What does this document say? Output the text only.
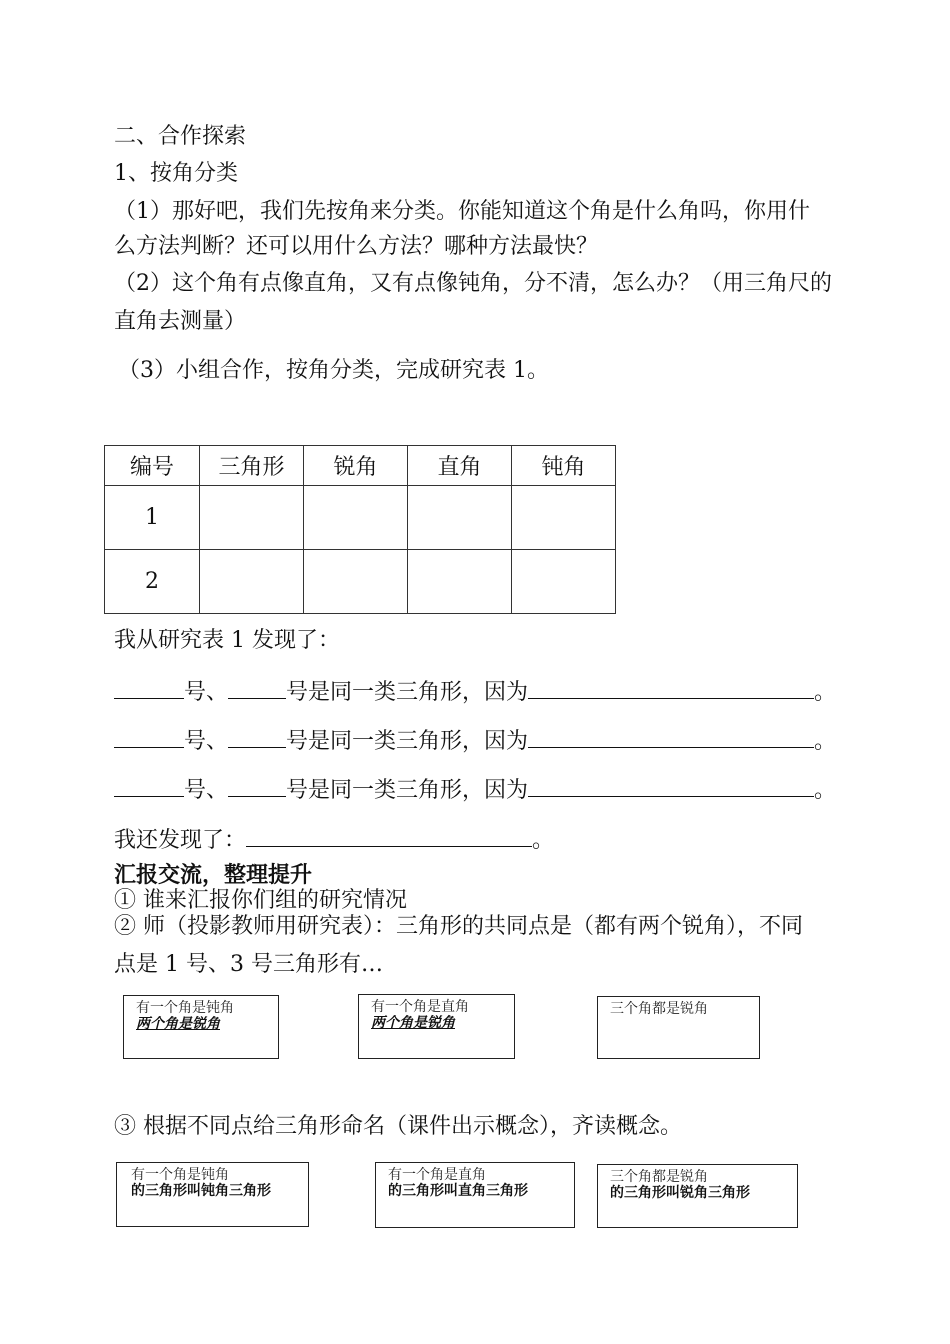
二、合作探索
1、按角分类
（1）那好吧，我们先按角来分类。你能知道这个角是什么角吗，你用什
么方法判断？还可以用什么方法？哪种方法最快？
（2）这个角有点像直角，又有点像钝角，分不清，怎么办？（用三角尺的
直角去测量）
（3）小组合作，按角分类，完成研究表 1。
编号	三角形	锐角	直角	钝角
1				
2				
我从研究表 1 发现了：
号、	号是同一类三角形，因为	。
号、	号是同一类三角形，因为	。
号、	号是同一类三角形，因为	。
我还发现了：	。
汇报交流，整理提升
① 谁来汇报你们组的研究情况
② 师（投影教师用研究表）：三角形的共同点是（都有两个锐角），不同
点是 1 号、3 号三角形有…
有一个角是钝角
两个角是锐角
有一个角是直角
两个角是锐角
三个角都是锐角
③ 根据不同点给三角形命名（课件出示概念），齐读概念。
有一个角是钝角
的三角形叫钝角三角形
有一个角是直角
的三角形叫直角三角形
三个角都是锐角
的三角形叫锐角三角形
